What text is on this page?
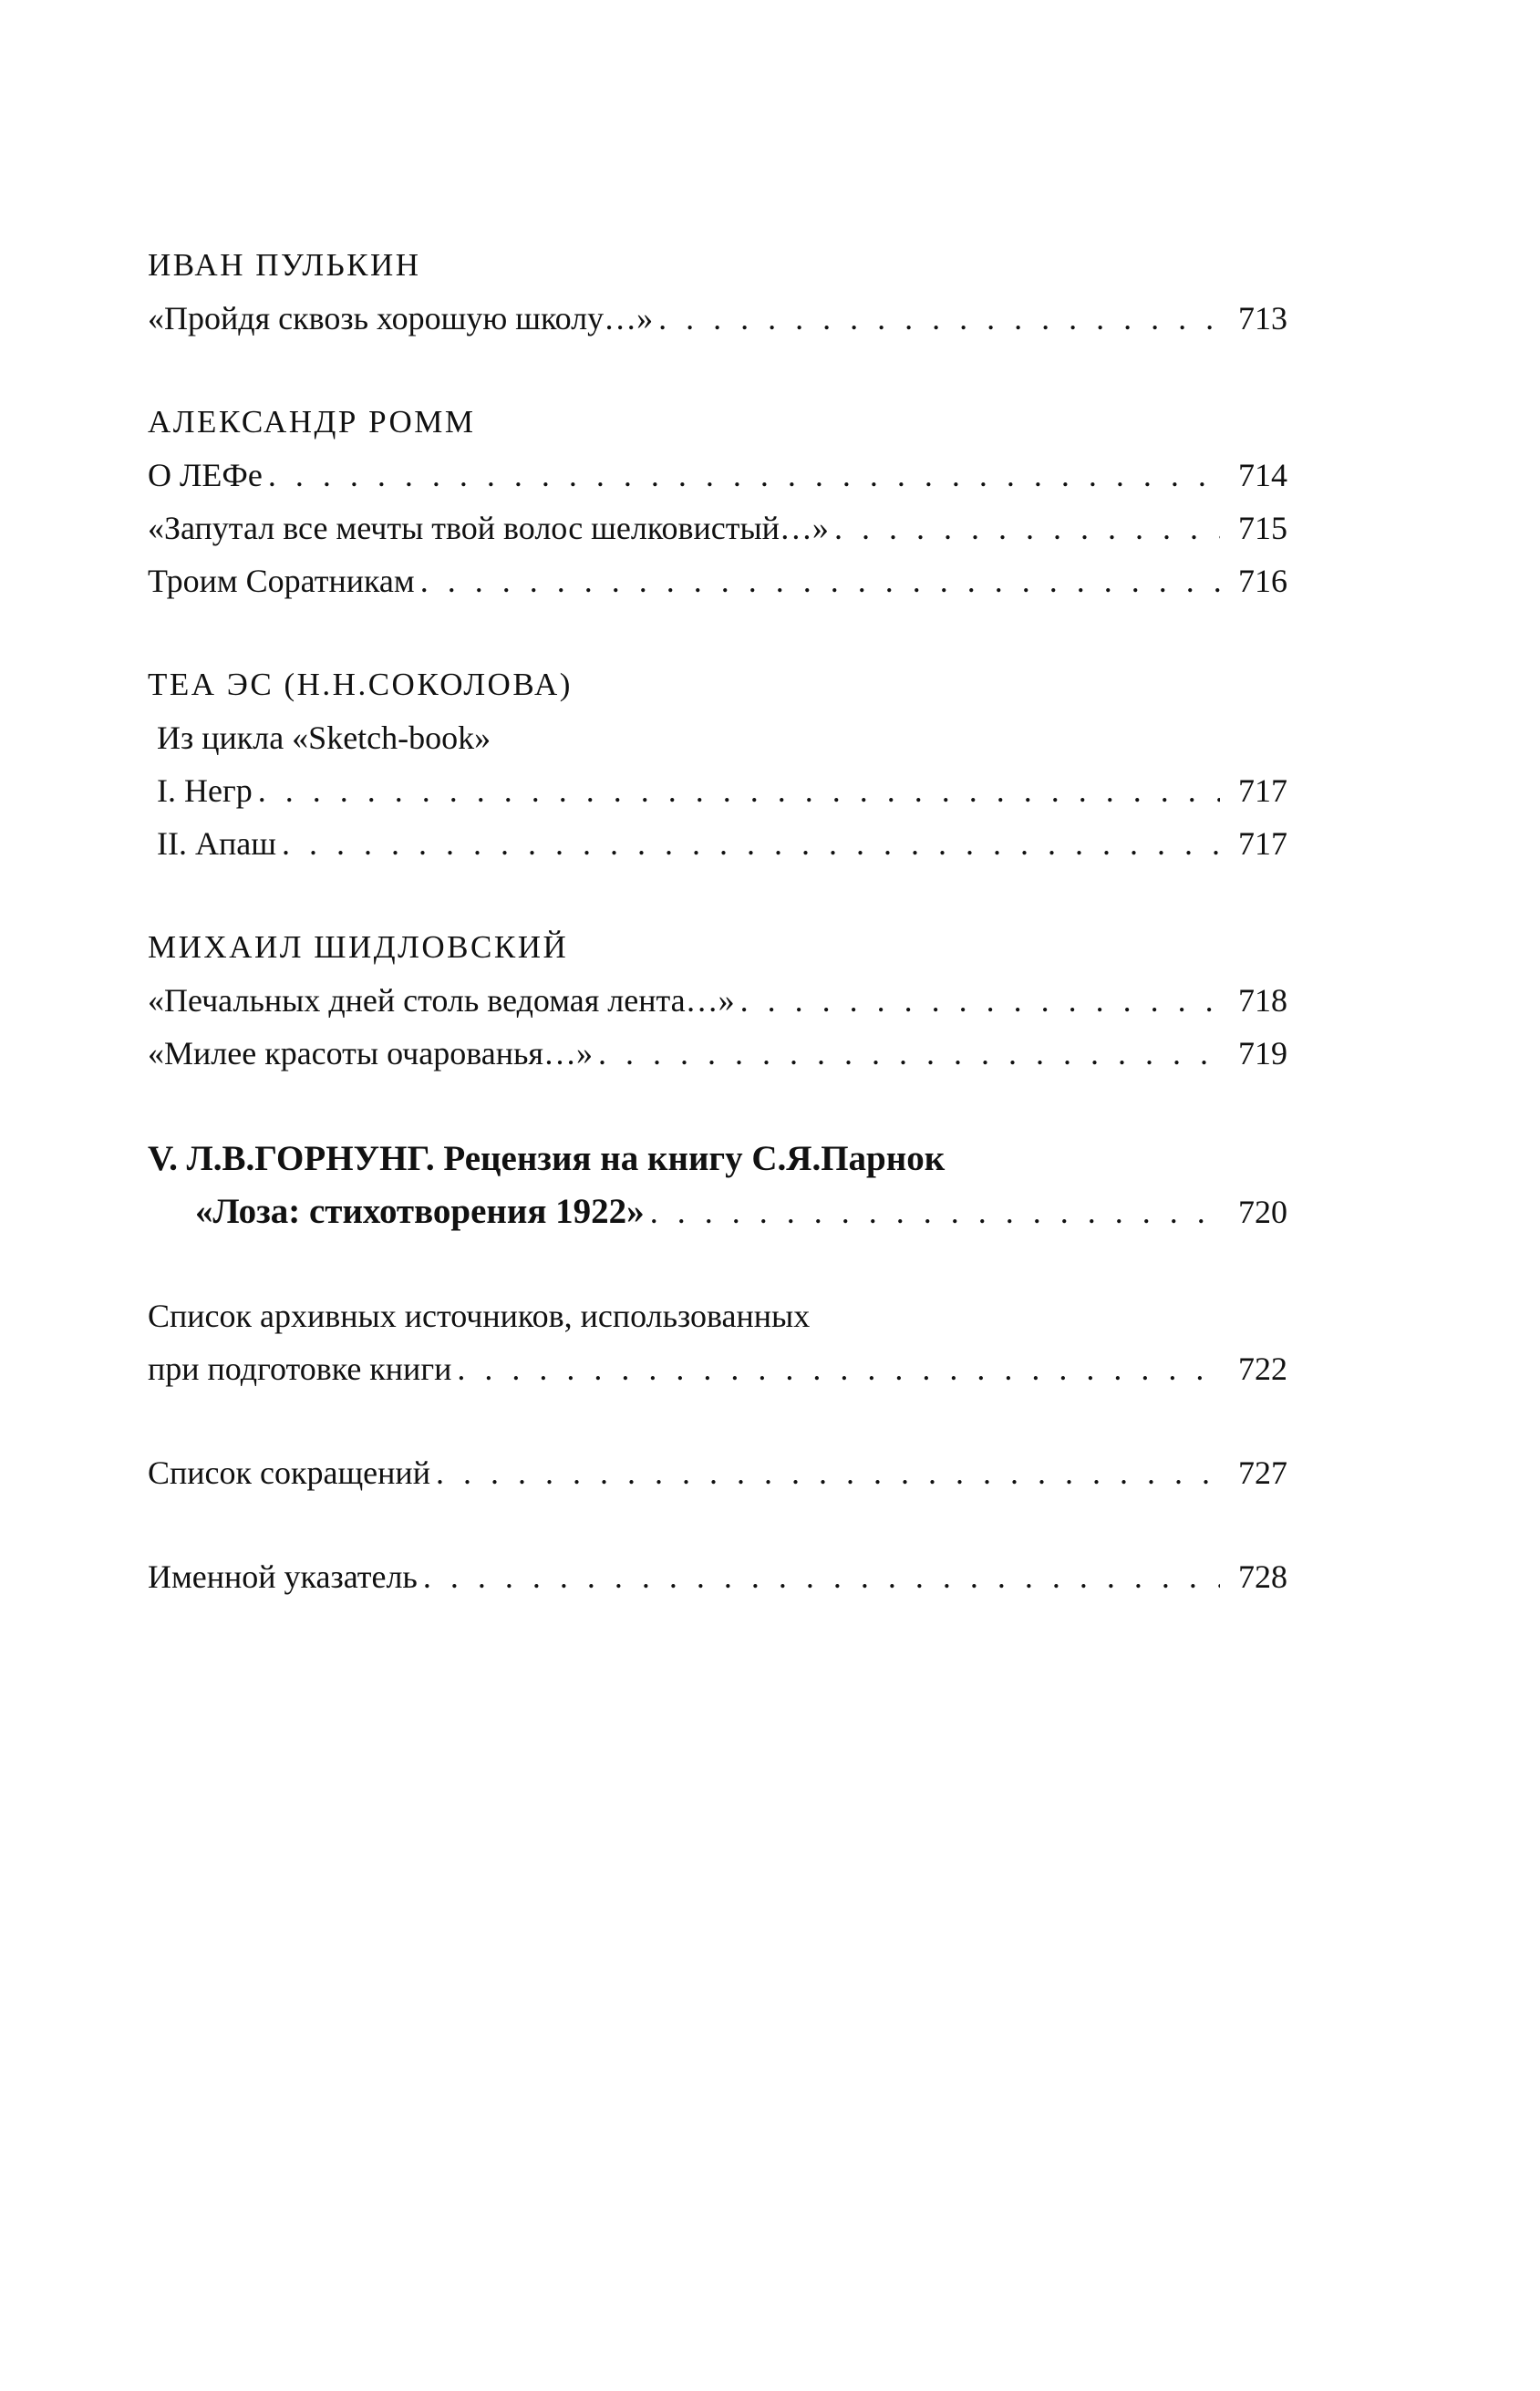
ИВАН ПУЛЬКИН
«Пройдя сквозь хорошую школу…» . . .	713
АЛЕКСАНДР РОММ
О ЛЕФе . . .	714
«Запутал все мечты твой волос шелковистый…» . . .	715
Троим Соратникам . . .	716
ТЕА ЭС (Н.Н.СОКОЛОВА)
Из цикла «Sketch-book»
I. Негр . . .	717
II. Апаш . . .	717
МИХАИЛ ШИДЛОВСКИЙ
«Печальных дней столь ведомая лента…» . . .	718
«Милее красоты очарованья…» . . .	719
V. Л.В.ГОРНУНГ. Рецензия на книгу С.Я.Парнок
«Лоза: стихотворения 1922» . . .	720
Список архивных источников, использованных
при подготовке книги . . .	722
Список сокращений . . .	727
Именной указатель . . .	728
